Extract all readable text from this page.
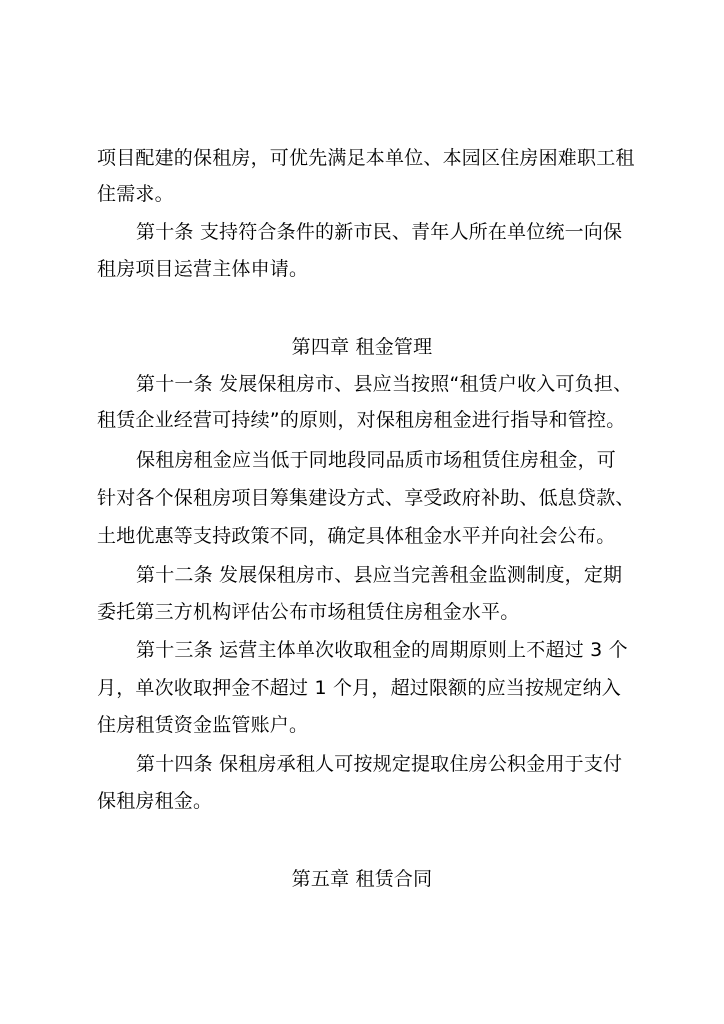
项目配建的保租房，可优先满足本单位、本园区住房困难职工租
住需求。
第十条 支持符合条件的新市民、青年人所在单位统一向保
租房项目运营主体申请。
第四章 租金管理
第十一条 发展保租房市、县应当按照“租赁户收入可负担、
租赁企业经营可持续”的原则，对保租房租金进行指导和管控。
保租房租金应当低于同地段同品质市场租赁住房租金，可
针对各个保租房项目筹集建设方式、享受政府补助、低息贷款、
土地优惠等支持政策不同，确定具体租金水平并向社会公布。
第十二条 发展保租房市、县应当完善租金监测制度，定期
委托第三方机构评估公布市场租赁住房租金水平。
第十三条 运营主体单次收取租金的周期原则上不超过 3 个
月，单次收取押金不超过 1 个月，超过限额的应当按规定纳入
住房租赁资金监管账户。
第十四条 保租房承租人可按规定提取住房公积金用于支付
保租房租金。
第五章 租赁合同
